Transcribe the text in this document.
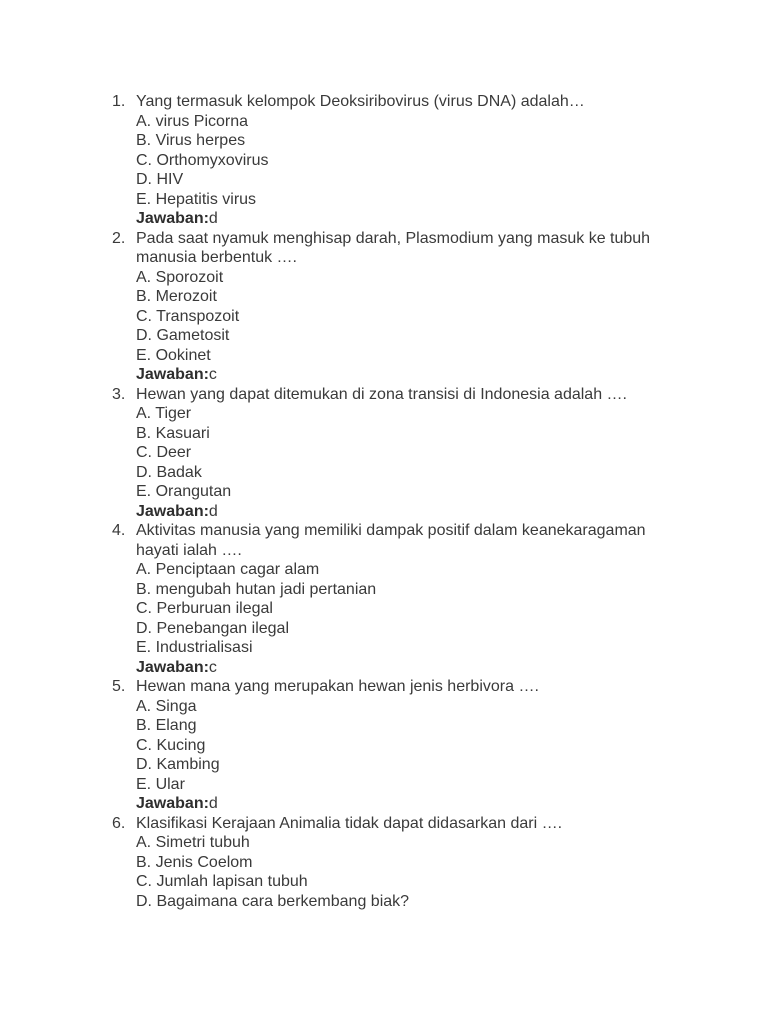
1. Yang termasuk kelompok Deoksiribovirus (virus DNA) adalah…
A. virus Picorna
B. Virus herpes
C. Orthomyxovirus
D. HIV
E. Hepatitis virus
Jawaban:d
2. Pada saat nyamuk menghisap darah, Plasmodium yang masuk ke tubuh manusia berbentuk ….
A. Sporozoit
B. Merozoit
C. Transpozoit
D. Gametosit
E. Ookinet
Jawaban:c
3. Hewan yang dapat ditemukan di zona transisi di Indonesia adalah ….
A. Tiger
B. Kasuari
C. Deer
D. Badak
E. Orangutan
Jawaban:d
4. Aktivitas manusia yang memiliki dampak positif dalam keanekaragaman hayati ialah ….
A. Penciptaan cagar alam
B. mengubah hutan jadi pertanian
C. Perburuan ilegal
D. Penebangan ilegal
E. Industrialisasi
Jawaban:c
5. Hewan mana yang merupakan hewan jenis herbivora ….
A. Singa
B. Elang
C. Kucing
D. Kambing
E. Ular
Jawaban:d
6. Klasifikasi Kerajaan Animalia tidak dapat didasarkan dari ….
A. Simetri tubuh
B. Jenis Coelom
C. Jumlah lapisan tubuh
D. Bagaimana cara berkembang biak?
